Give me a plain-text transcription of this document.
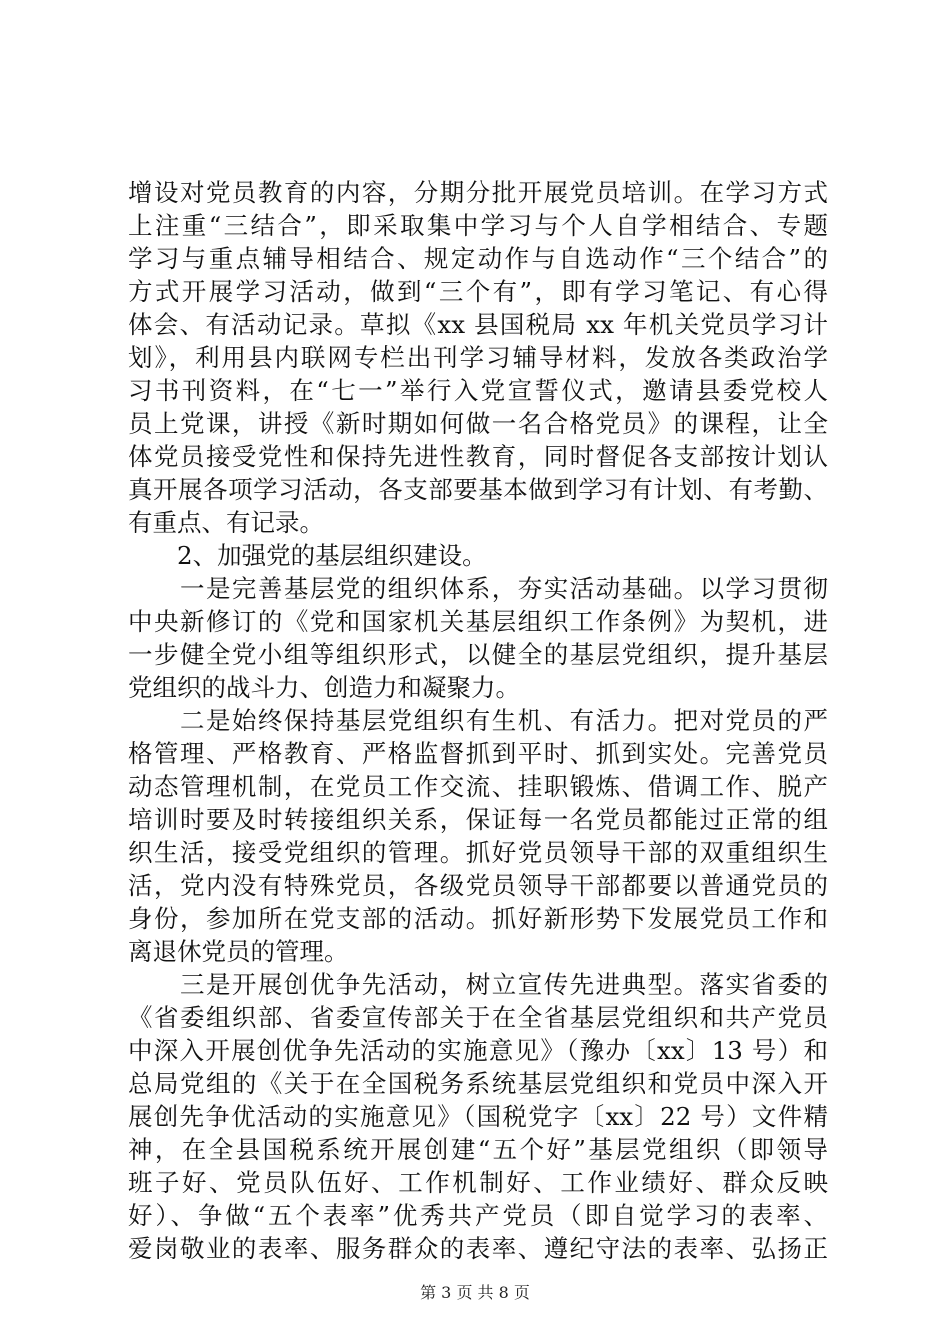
增设对党员教育的内容，分期分批开展党员培训。在学习方式
上注重“三结合”，即采取集中学习与个人自学相结合、专题
学习与重点辅导相结合、规定动作与自选动作“三个结合”的
方式开展学习活动，做到“三个有”，即有学习笔记、有心得
体会、有活动记录。草拟《xx 县国税局 xx 年机关党员学习计
划》，利用县内联网专栏出刊学习辅导材料，发放各类政治学
习书刊资料，在“七一”举行入党宣誓仪式，邀请县委党校人
员上党课，讲授《新时期如何做一名合格党员》的课程，让全
体党员接受党性和保持先进性教育，同时督促各支部按计划认
真开展各项学习活动，各支部要基本做到学习有计划、有考勤、
有重点、有记录。
　　2、加强党的基层组织建设。
　　一是完善基层党的组织体系，夯实活动基础。以学习贯彻
中央新修订的《党和国家机关基层组织工作条例》为契机，进
一步健全党小组等组织形式，以健全的基层党组织，提升基层
党组织的战斗力、创造力和凝聚力。
　　二是始终保持基层党组织有生机、有活力。把对党员的严
格管理、严格教育、严格监督抓到平时、抓到实处。完善党员
动态管理机制，在党员工作交流、挂职锻炼、借调工作、脱产
培训时要及时转接组织关系，保证每一名党员都能过正常的组
织生活，接受党组织的管理。抓好党员领导干部的双重组织生
活，党内没有特殊党员，各级党员领导干部都要以普通党员的
身份，参加所在党支部的活动。抓好新形势下发展党员工作和
离退休党员的管理。
　　三是开展创优争先活动，树立宣传先进典型。落实省委的
《省委组织部、省委宣传部关于在全省基层党组织和共产党员
中深入开展创优争先活动的实施意见》（豫办〔xx〕13 号）和
总局党组的《关于在全国税务系统基层党组织和党员中深入开
展创先争优活动的实施意见》（国税党字〔xx〕22 号）文件精
神，在全县国税系统开展创建“五个好”基层党组织（即领导
班子好、党员队伍好、工作机制好、工作业绩好、群众反映
好）、争做“五个表率”优秀共产党员（即自觉学习的表率、
爱岗敬业的表率、服务群众的表率、遵纪守法的表率、弘扬正
第 3 页 共 8 页
